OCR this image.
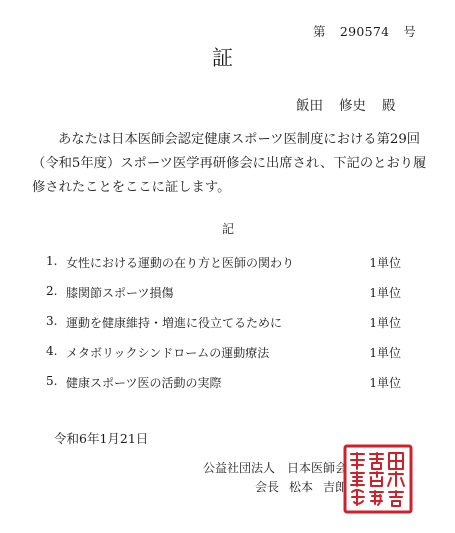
第 290574 号
証
飯田 修史 殿
あなたは日本医師会認定健康スポーツ医制度における第29回（令和5年度）スポーツ医学再研修会に出席され、下記のとおり履修されたことをここに証します。
記
1. 女性における運動の在り方と医師の関わり	1単位
2. 膝関節スポーツ損傷	1単位
3. 運動を健康維持・増進に役立てるために	1単位
4. メタボリックシンドロームの運動療法	1単位
5. 健康スポーツ医の活動の実際	1単位
令和6年1月21日
公益社団法人 日本医師会
会長 松本 吉郎
